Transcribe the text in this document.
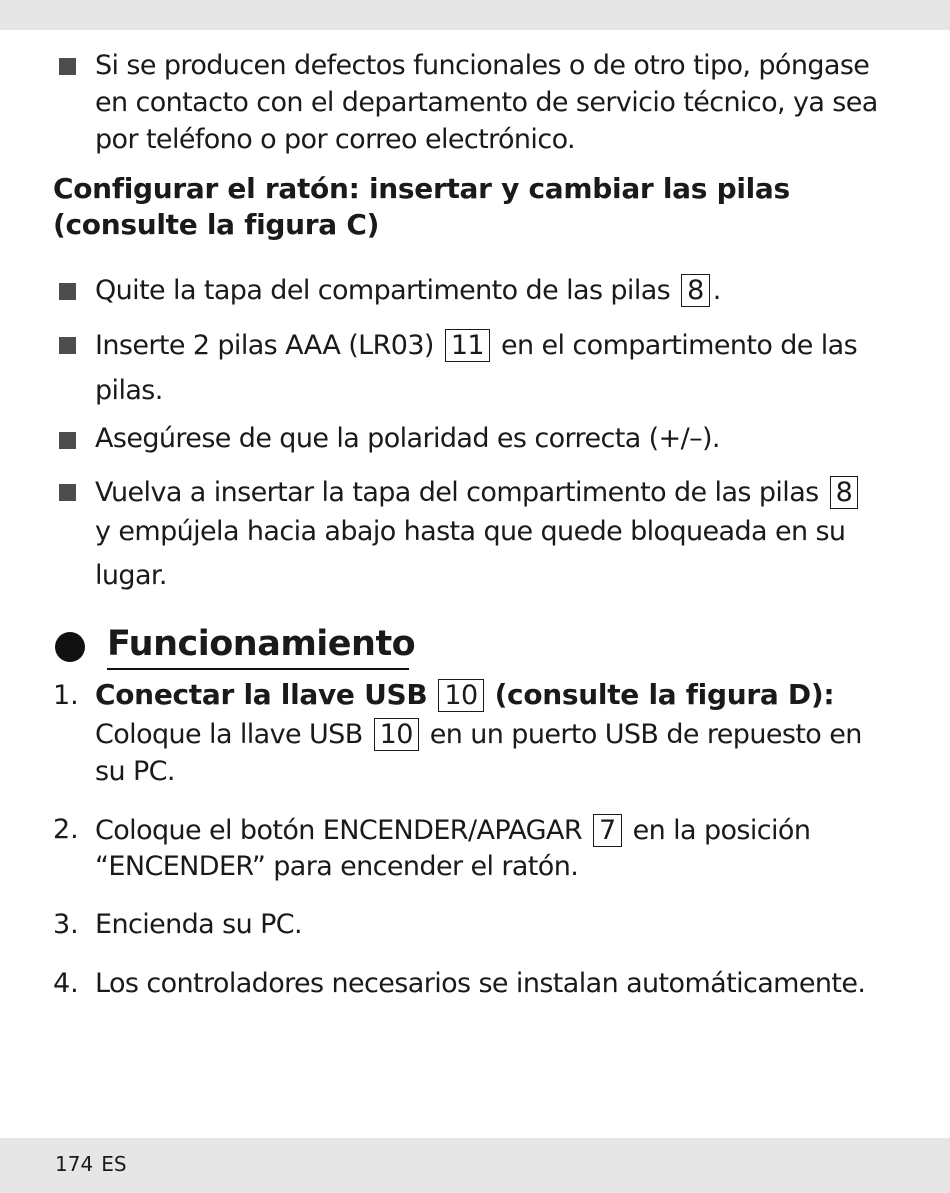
Si se producen defectos funcionales o de otro tipo, póngase
en contacto con el departamento de servicio técnico, ya sea
por teléfono o por correo electrónico.
Configurar el ratón: insertar y cambiar las pilas
(consulte la figura C)
Quite la tapa del compartimento de las pilas 8 .
Inserte 2 pilas AAA (LR03) 11 en el compartimento de las
pilas.
Asegúrese de que la polaridad es correcta (+/–).
Vuelva a insertar la tapa del compartimento de las pilas 8
y empújela hacia abajo hasta que quede bloqueada en su
lugar.
Funcionamiento
1. Conectar la llave USB 10 (consulte la figura D):
Coloque la llave USB 10 en un puerto USB de repuesto en
su PC.
2. Coloque el botón ENCENDER/APAGAR 7 en la posición
“ENCENDER” para encender el ratón.
3. Encienda su PC.
4. Los controladores necesarios se instalan automáticamente.
174 ES
